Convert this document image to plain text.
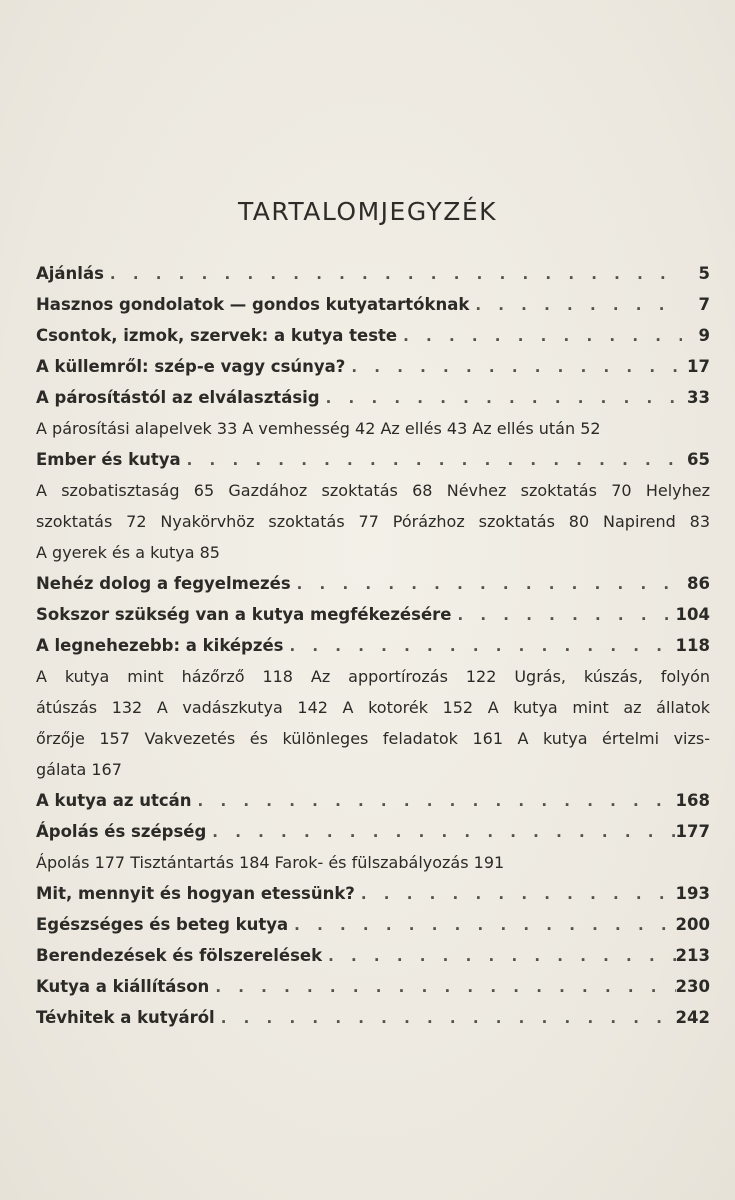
TARTALOMJEGYZÉK
Ajánlás . . .	5
Hasznos gondolatok — gondos kutyatartóknak . . .	7
Csontok, izmok, szervek: a kutya teste . . .	9
A küllemről: szép-e vagy csúnya? . . .	17
A párosítástól az elválasztásig . . .	33
A párosítási alapelvek 33 A vemhesség 42 Az ellés 43 Az ellés után 52
Ember és kutya . . .	65
A szobatisztaság 65 Gazdához szoktatás 68 Névhez szoktatás 70 Helyhez
szoktatás 72 Nyakörvhöz szoktatás 77 Pórázhoz szoktatás 80 Napirend 83
A gyerek és a kutya 85
Nehéz dolog a fegyelmezés . . .	86
Sokszor szükség van a kutya megfékezésére . . .	104
A legnehezebb: a kiképzés . . .	118
A kutya mint házőrző 118 Az apportírozás 122 Ugrás, kúszás, folyón
átúszás 132 A vadászkutya 142 A kotorék 152 A kutya mint az állatok
őrzője 157 Vakvezetés és különleges feladatok 161 A kutya értelmi vizs-
gálata 167
A kutya az utcán . . .	168
Ápolás és szépség . . .	177
Ápolás 177 Tisztántartás 184 Farok- és fülszabályozás 191
Mit, mennyit és hogyan etessünk? . . .	193
Egészséges és beteg kutya . . .	200
Berendezések és fölszerelések . . .	213
Kutya a kiállításon . . .	230
Tévhitek a kutyáról . . .	242
